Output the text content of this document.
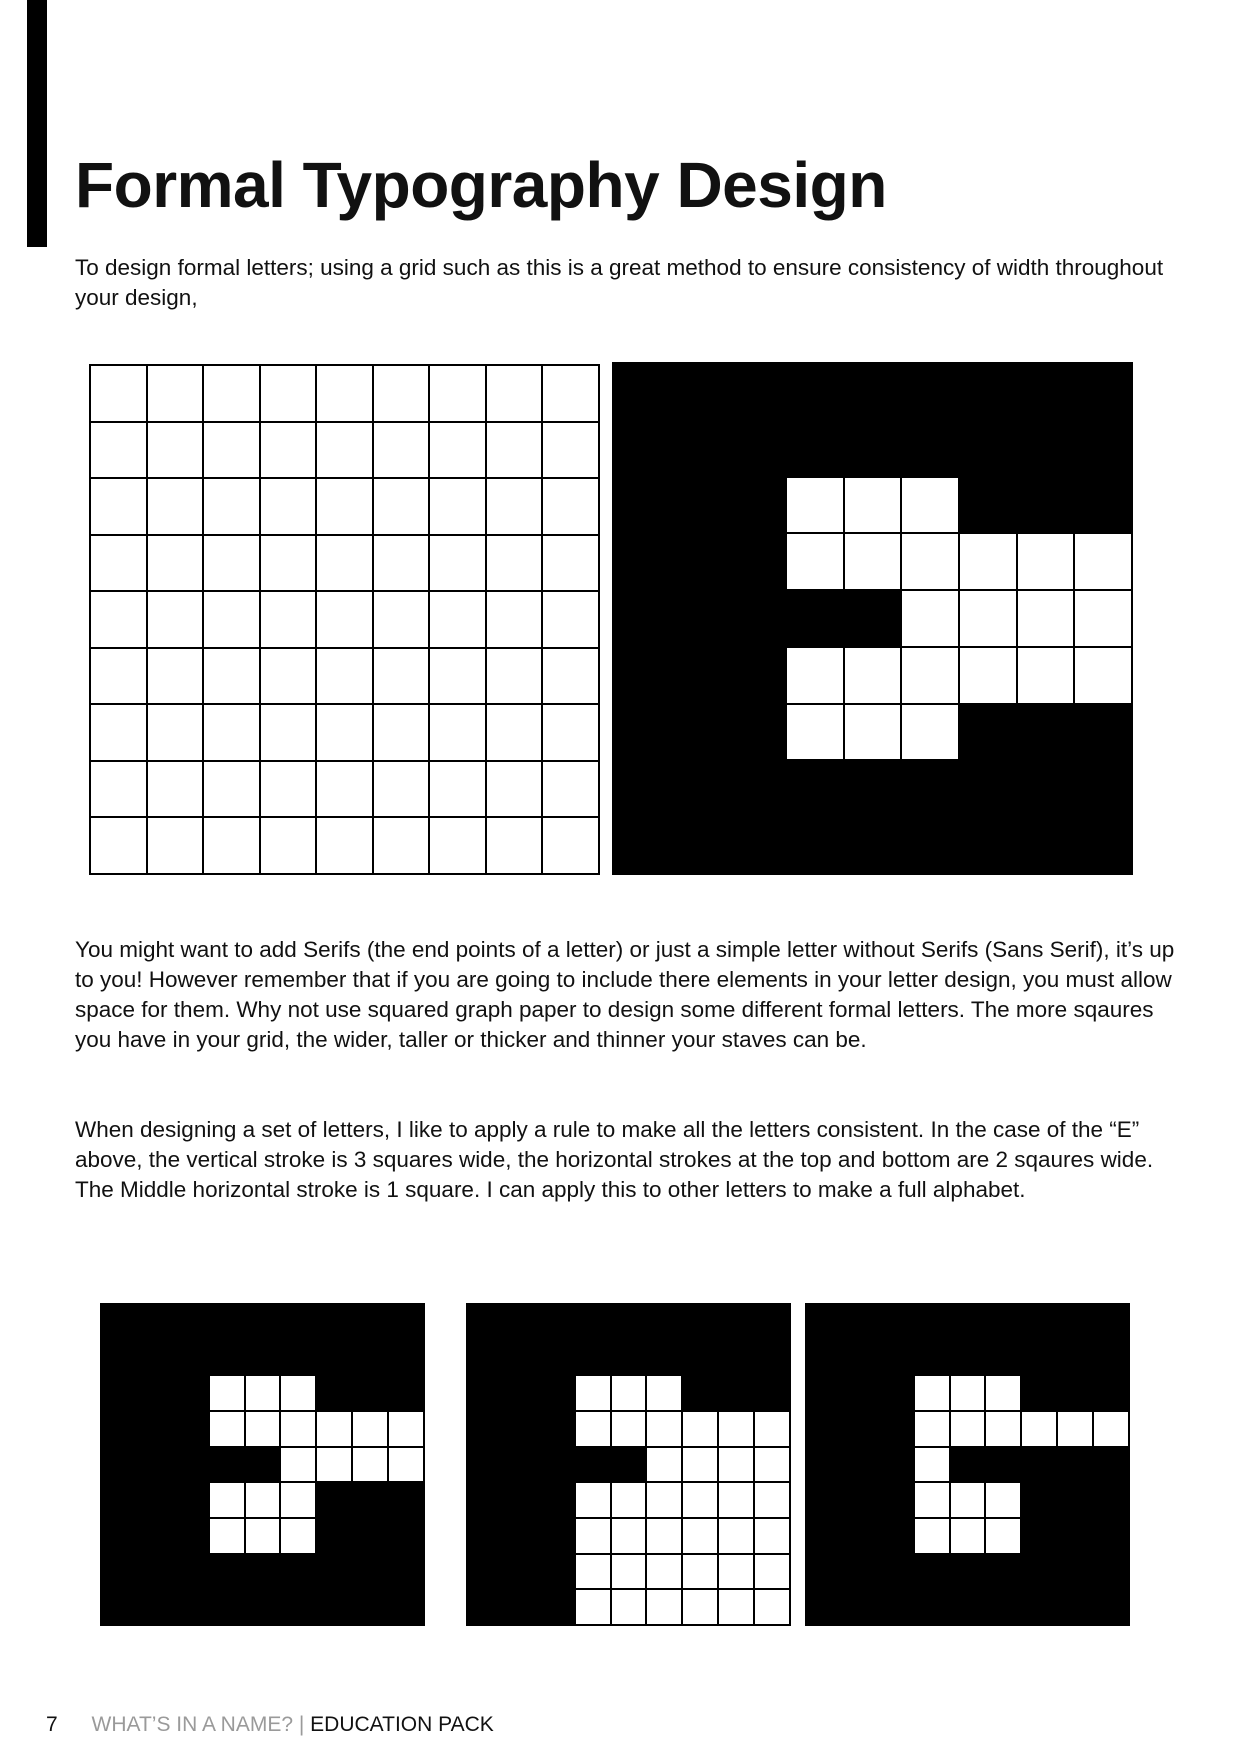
Formal Typography Design

To design formal letters; using a grid such as this is a great method to ensure consistency of width throughout your design,

You might want to add Serifs (the end points of a letter) or just a simple letter without Serifs (Sans Serif), it’s up to you! However remember that if you are going to include there elements in your letter design, you must allow space for them. Why not use squared graph paper to design some different formal letters. The more sqaures you have in your grid, the wider, taller or thicker and thinner your staves can be.

When designing a set of letters, I like to apply a rule to make all the letters consistent. In the case of the “E” above, the vertical stroke is 3 squares wide, the horizontal strokes at the top and bottom are 2 sqaures wide. The Middle horizontal stroke is 1 square. I can apply this to other letters to make a full alphabet.

7 WHAT’S IN A NAME? | EDUCATION PACK
